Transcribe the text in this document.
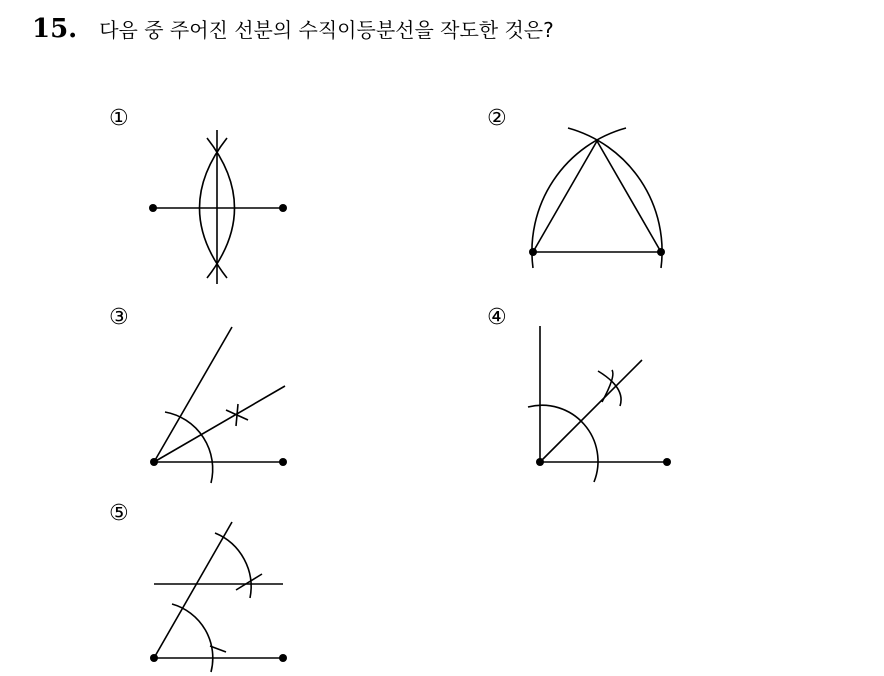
15. 다음 중 주어진 선분의 수직이등분선을 작도한 것은?
①	②
③	④
⑤
